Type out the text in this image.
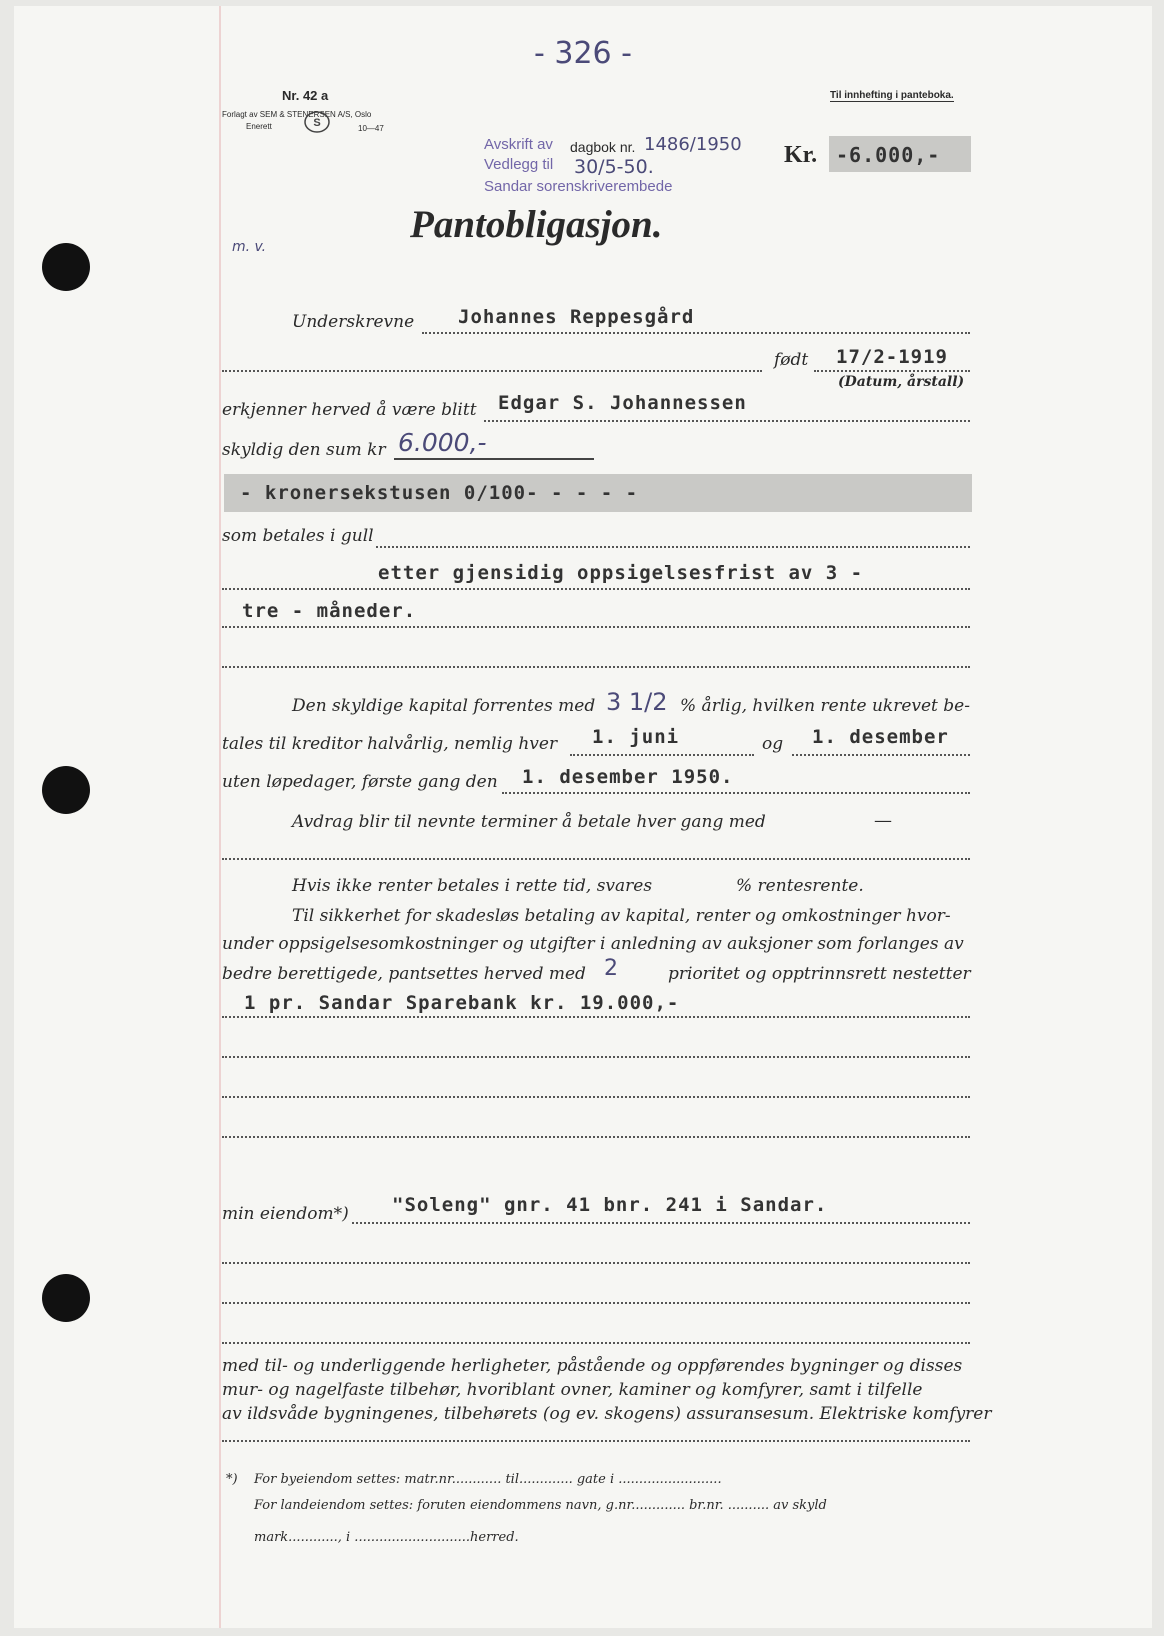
- 326 -
Nr. 42 a
Forlagt av SEM & STENERSEN A/S, Oslo
Enerett	S	10—47
Til innhefting i panteboka.
Avskrift av dagbok nr. 1486/1950
Vedlegg til 30/5-50.
Sandar sorenskriverembede
Kr. -6.000,-
Pantobligasjon.
m. v.
Underskrevne Johannes Reppesgård
født 17/2-1919
(Datum, årstall)
erkjenner herved å være blitt Edgar S. Johannessen
skyldig den sum kr 6.000,-
- kronersekstusen 0/100- - - - -
som betales i gull
etter gjensidig oppsigelsesfrist av 3 -
tre - måneder.
Den skyldige kapital forrentes med 3 1/2 % årlig, hvilken rente ukrevet be-
tales til kreditor halvårlig, nemlig hver 1. juni	og 1. desember
uten løpedager, første gang den 1. desember 1950.
Avdrag blir til nevnte terminer å betale hver gang med	—
Hvis ikke renter betales i rette tid, svares	% rentesrente.
Til sikkerhet for skadesløs betaling av kapital, renter og omkostninger hvor-
under oppsigelsesomkostninger og utgifter i anledning av auksjoner som forlanges av
bedre berettigede, pantsettes herved med 2	prioritet og opptrinnsrett nestetter
1 pr. Sandar Sparebank kr. 19.000,-
min eiendom*) "Soleng" gnr. 41 bnr. 241 i Sandar.
med til- og underliggende herligheter, påstående og oppførendes bygninger og disses
mur- og nagelfaste tilbehør, hvoriblant ovner, kaminer og komfyrer, samt i tilfelle
av ildsvåde bygningenes, tilbehørets (og ev. skogens) assuransesum. Elektriske komfyrer
*) For byeiendom settes: matr.nr............ til............. gate i .........................
For landeiendom settes: foruten eiendommens navn, g.nr............. br.nr. .......... av skyld
mark............, i ............................herred.
